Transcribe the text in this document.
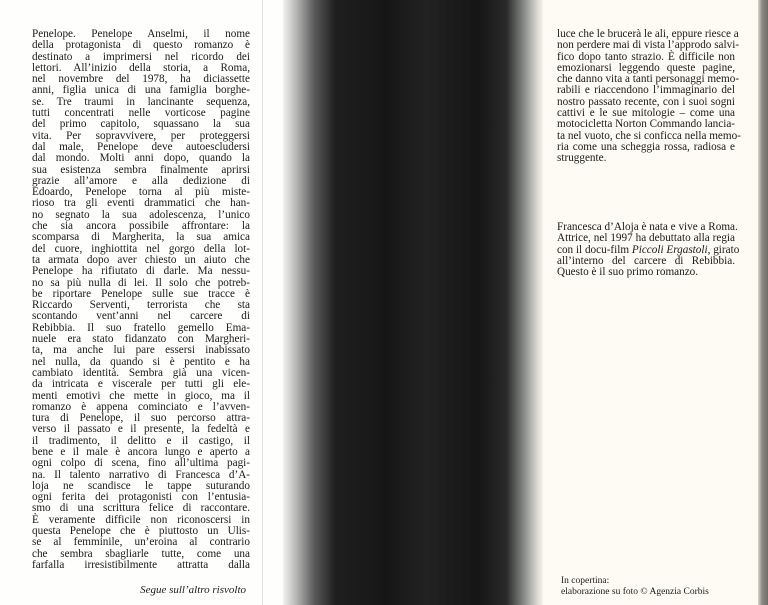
Penelope. Penelope Anselmi, il nome
della protagonista di questo romanzo è
destinato a imprimersi nel ricordo dei
lettori. All’inizio della storia, a Roma,
nel novembre del 1978, ha diciassette
anni, figlia unica di una famiglia borghe-
se. Tre traumi in lancinante sequenza,
tutti concentrati nelle vorticose pagine
del primo capitolo, squassano la sua
vita. Per sopravvivere, per proteggersi
dal male, Penelope deve autoescludersi
dal mondo. Molti anni dopo, quando la
sua esistenza sembra finalmente aprirsi
grazie all’amore e alla dedizione di
Edoardo, Penelope torna al più miste-
rioso tra gli eventi drammatici che han-
no segnato la sua adolescenza, l’unico
che sia ancora possibile affrontare: la
scomparsa di Margherita, la sua amica
del cuore, inghiottita nel gorgo della lot-
ta armata dopo aver chiesto un aiuto che
Penelope ha rifiutato di darle. Ma nessu-
no sa più nulla di lei. Il solo che potreb-
be riportare Penelope sulle sue tracce è
Riccardo Serventi, terrorista che sta
scontando vent’anni nel carcere di
Rebibbia. Il suo fratello gemello Ema-
nuele era stato fidanzato con Margheri-
ta, ma anche lui pare essersi inabissato
nel nulla, da quando si è pentito e ha
cambiato identità. Sembra già una vicen-
da intricata e viscerale per tutti gli ele-
menti emotivi che mette in gioco, ma il
romanzo è appena cominciato e l’avven-
tura di Penelope, il suo percorso attra-
verso il passato e il presente, la fedeltà e
il tradimento, il delitto e il castigo, il
bene e il male è ancora lungo e aperto a
ogni colpo di scena, fino all’ultima pagi-
na. Il talento narrativo di Francesca d’A-
loja ne scandisce le tappe suturando
ogni ferita dei protagonisti con l’entusia-
smo di una scrittura felice di raccontare.
È veramente difficile non riconoscersi in
questa Penelope che è piuttosto un Ulis-
se al femminile, un’eroina al contrario
che sembra sbagliarle tutte, come una
farfalla irresistibilmente attratta dalla
Segue sull’altro risvolto
luce che le brucerà le ali, eppure riesce a
non perdere mai di vista l’approdo salvi-
fico dopo tanto strazio. È difficile non
emozionarsi leggendo queste pagine,
che danno vita a tanti personaggi memo-
rabili e riaccendono l’immaginario del
nostro passato recente, con i suoi sogni
cattivi e le sue mitologie – come una
motocicletta Norton Commando lancia-
ta nel vuoto, che si conficca nella memo-
ria come una scheggia rossa, radiosa e
struggente.
Francesca d’Aloja è nata e vive a Roma.
Attrice, nel 1997 ha debuttato alla regia
con il docu-film Piccoli Ergastoli, girato
all’interno del carcere di Rebibbia.
Questo è il suo primo romanzo.
In copertina:
elaborazione su foto © Agenzia Corbis
